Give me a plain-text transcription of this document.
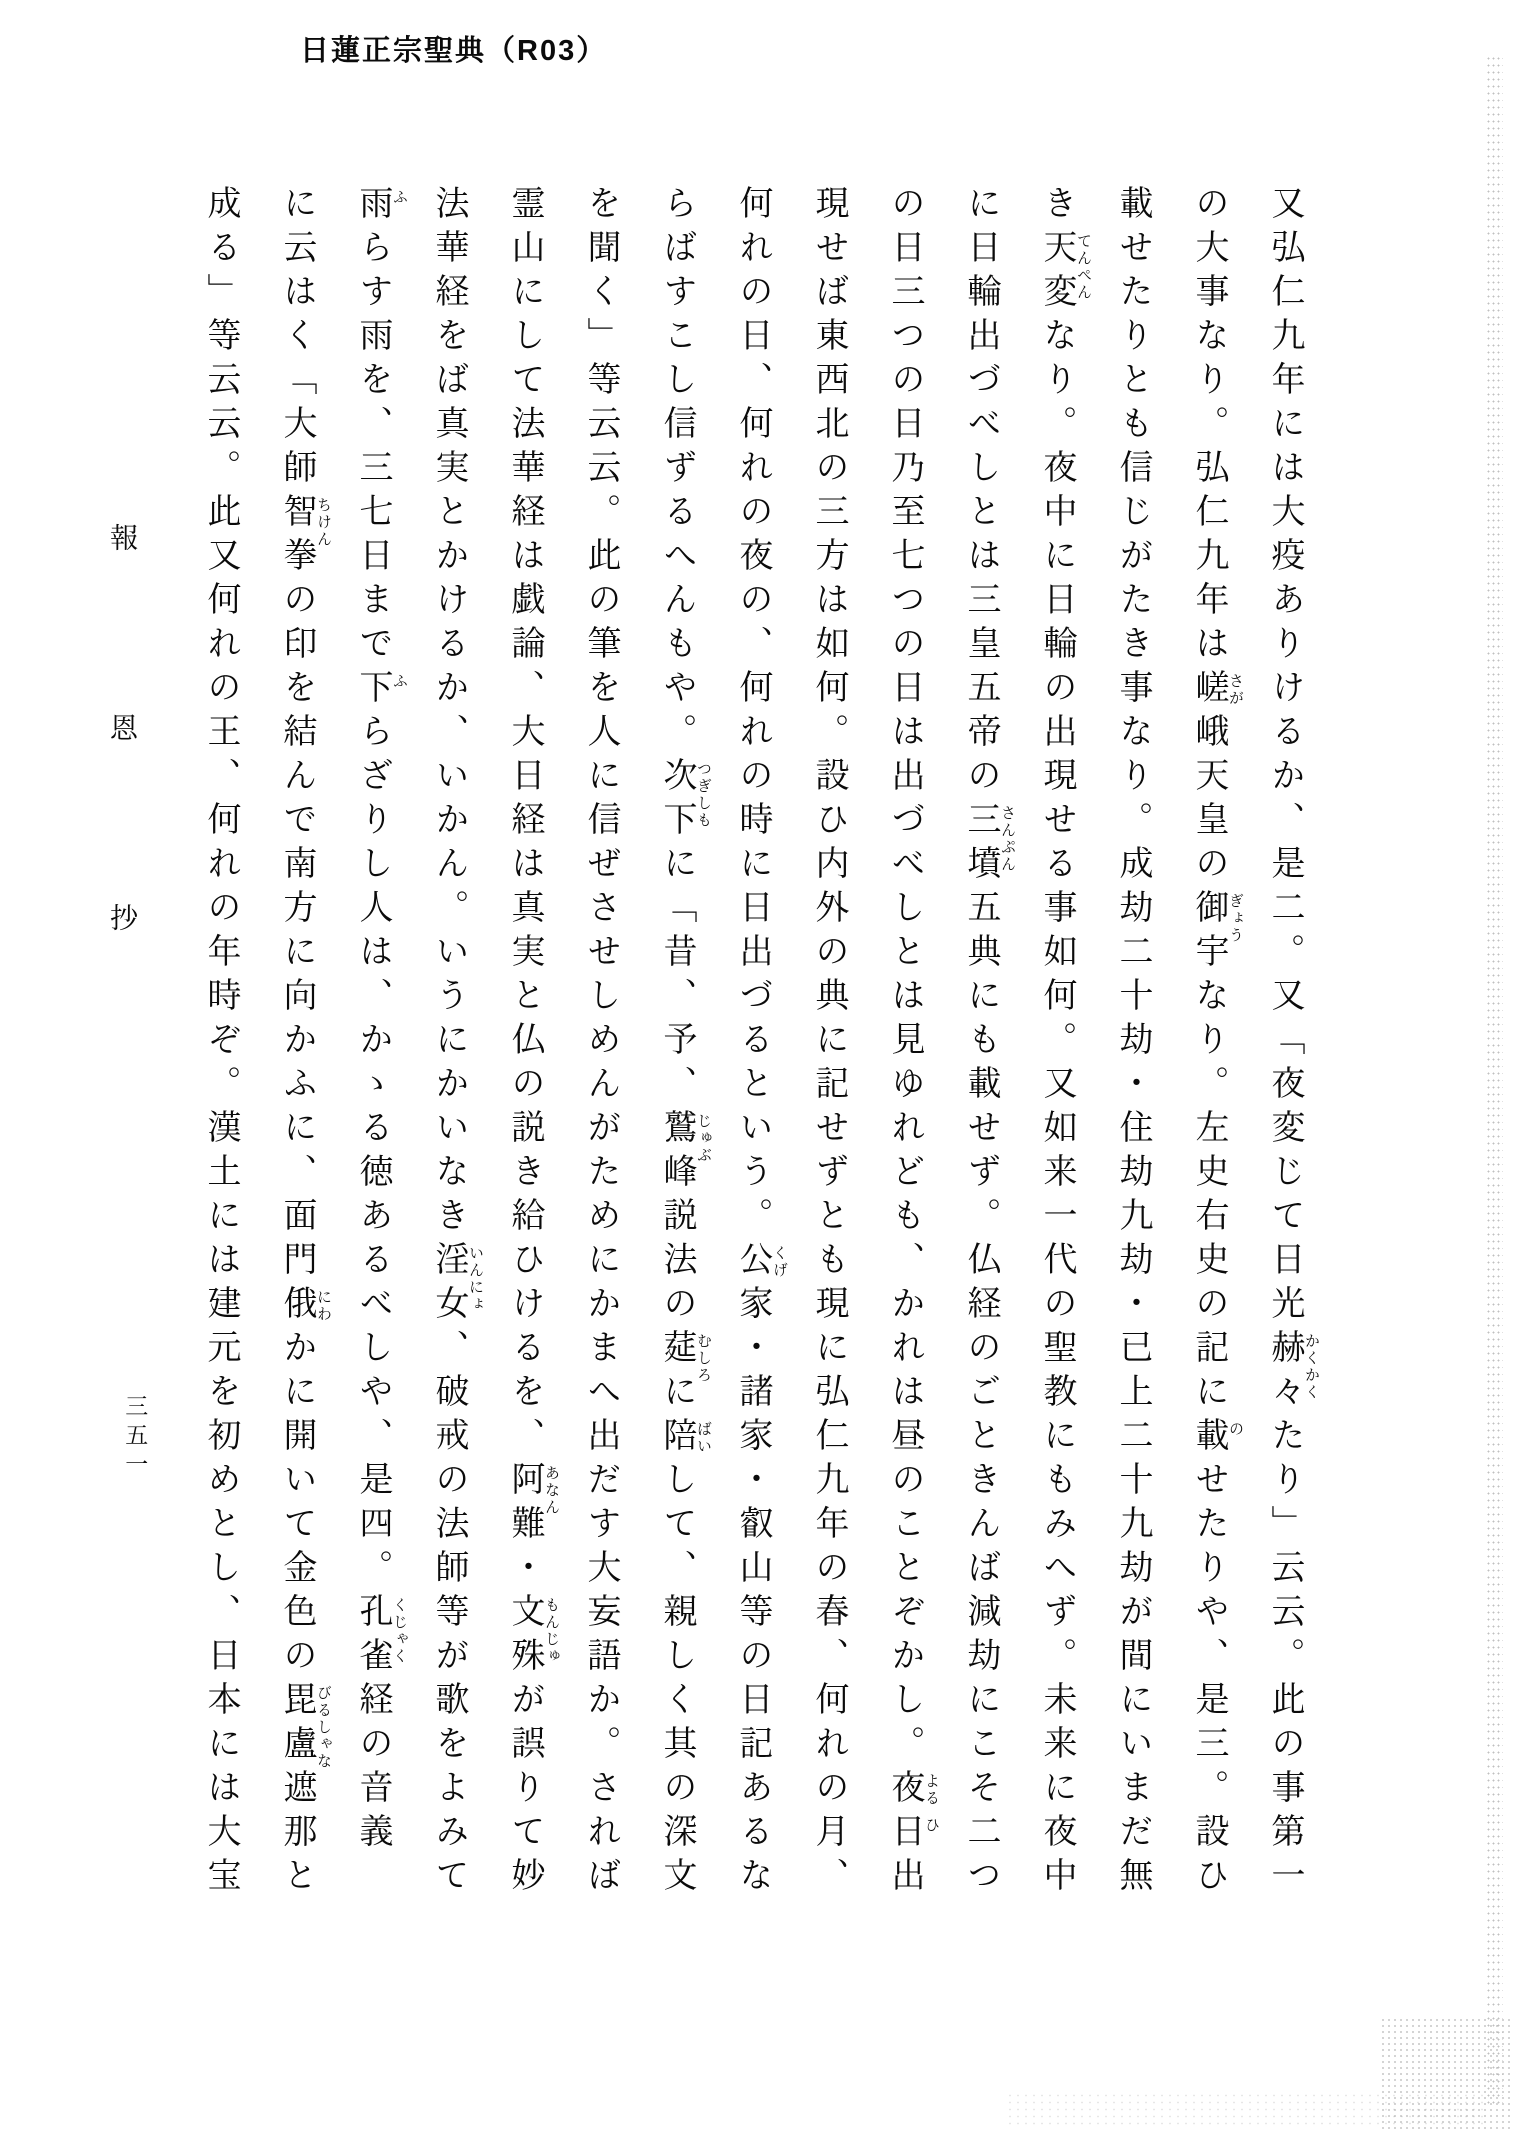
日蓮正宗聖典（R03）
又弘仁九年には大疫ありけるか、是二。又「夜変じて日光赫々 かくかく
たり」云云。此の事第一
の大事なり。弘仁九年は嵯峨 さが
天皇の御宇 ぎょう
なり。左史右史の記に載 の
せたりや、是三。設ひ
載せたりとも信じがたき事なり。成劫二十劫・住劫九劫・已上二十九劫が間にいまだ無
き天変 てんぺん
なり。夜中に日輪の出現せる事如何。又如来一代の聖教にもみへず。未来に夜中
に日輪出づべしとは三皇五帝の三墳 さんぷん
五典にも載せず。仏経のごときんば減劫にこそ二つ
の日三つの日乃至七つの日は出づべしとは見ゆれども、かれは昼のことぞかし。夜 よる
日 ひ
出
現せば東西北の三方は如何。設ひ内外の典に記せずとも現に弘仁九年の春、何れの月、
何れの日、何れの夜の、何れの時に日出づるという。公家 くげ
・諸家・叡山等の日記あるな
らばすこし信ずるへんもや。次下 つぎしも
に「昔、予、鷲峰 じゅぶ
説法の莚 むしろ
に陪 ばい
して、親しく其の深文
を聞く」等云云。此の筆を人に信ぜさせしめんがためにかまへ出だす大妄語か。されば
霊山にして法華経は戯論、大日経は真実と仏の説き給ひけるを、阿難 あなん
・文殊 もんじゅ
が誤りて妙
法華経をば真実とかけるか、いかん。いうにかいなき淫女 いんにょ
、破戒の法師等が歌をよみて
雨 ふ
らす雨を、三七日まで下 ふ
らざりし人は、かゝる徳あるべしや、是四。孔雀 くじゃく
経の音義
に云はく「大師智拳 ちけん
の印を結んで南方に向かふに、面門俄 にわ
かに開いて金色の毘盧遮那 びるしゃな
と
成る」等云云。此又何れの王、何れの年時ぞ。漢土には建元を初めとし、日本には大宝
報恩抄
三五一
